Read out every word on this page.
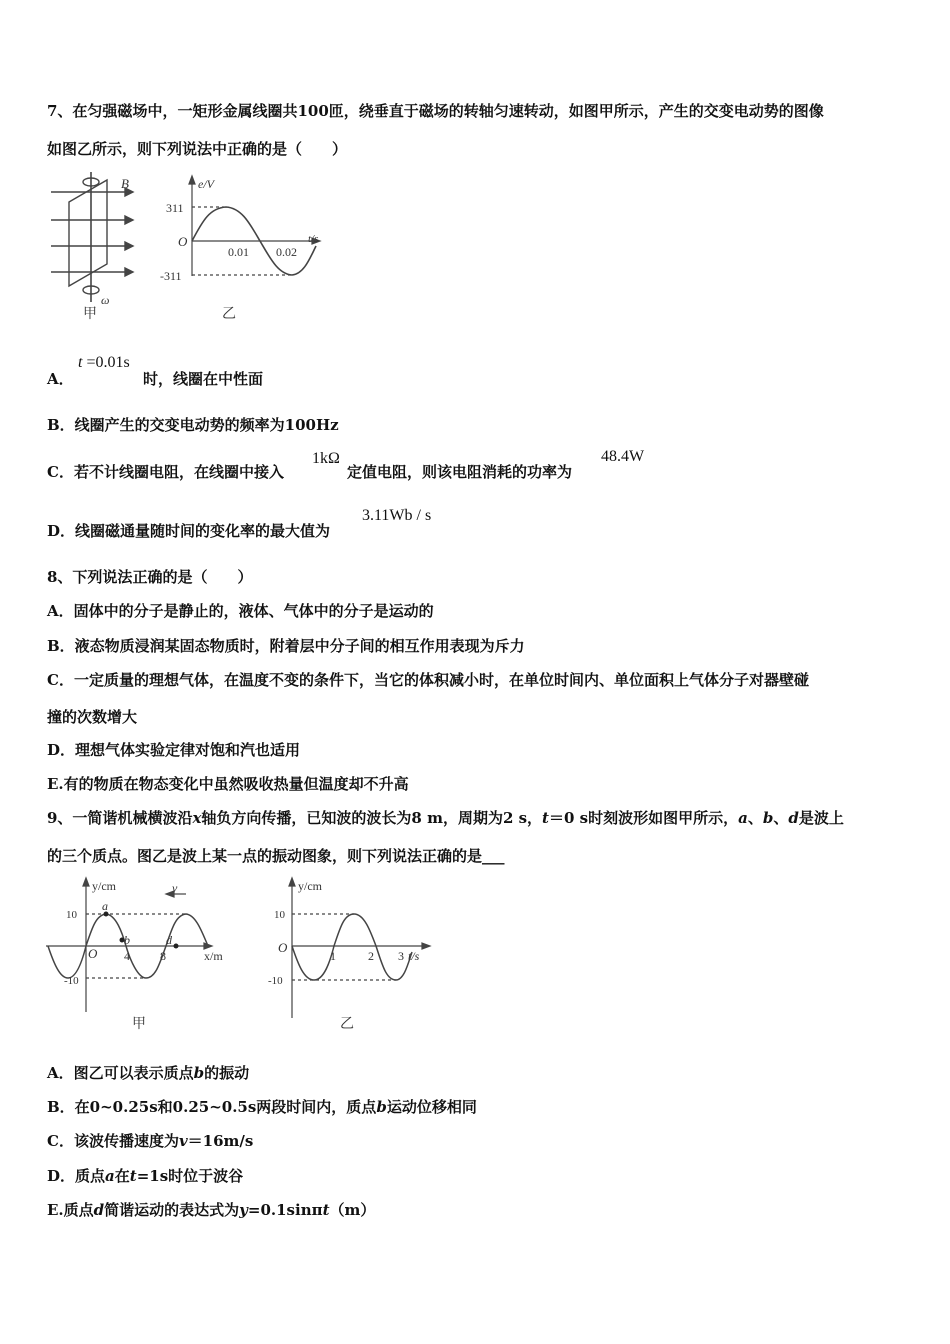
7、在匀强磁场中，一矩形金属线圈共100匝，绕垂直于磁场的转轴匀速转动，如图甲所示，产生的交变电动势的图像
如图乙所示，则下列说法中正确的是（　　）
B
ω
甲
e/V
t/s
311
-311
O
0.01 0.02
乙
A．
t =0.01s
时，线圈在中性面
B．线圈产生的交变电动势的频率为100Hz
C．若不计线圈电阻，在线圈中接入
1kΩ
定值电阻，则该电阻消耗的功率为
48.4W
D．线圈磁通量随时间的变化率的最大值为
3.11Wb / s
8、下列说法正确的是（　　）
A．固体中的分子是静止的，液体、气体中的分子是运动的
B．液态物质浸润某固态物质时，附着层中分子间的相互作用表现为斥力
C．一定质量的理想气体，在温度不变的条件下，当它的体积减小时，在单位时间内、单位面积上气体分子对器壁碰
撞的次数增大
D．理想气体实验定律对饱和汽也适用
E.有的物质在物态变化中虽然吸收热量但温度却不升高
9、一简谐机械横波沿x轴负方向传播，已知波的波长为8 m，周期为2 s，t＝0 s时刻波形如图甲所示，a、b、d是波上
的三个质点。图乙是波上某一点的振动图象，则下列说法正确的是___
y/cm	v
10
-10
O 4	8	x/m
a
b	d
甲
y/cm
10
-10
O
1	2 3 t/s
乙
A．图乙可以表示质点b的振动
B．在0~0.25s和0.25~0.5s两段时间内，质点b运动位移相同
C．该波传播速度为v＝16m/s
D．质点a在t=1s时位于波谷
E.质点d简谐运动的表达式为y=0.1sinπt（m）
